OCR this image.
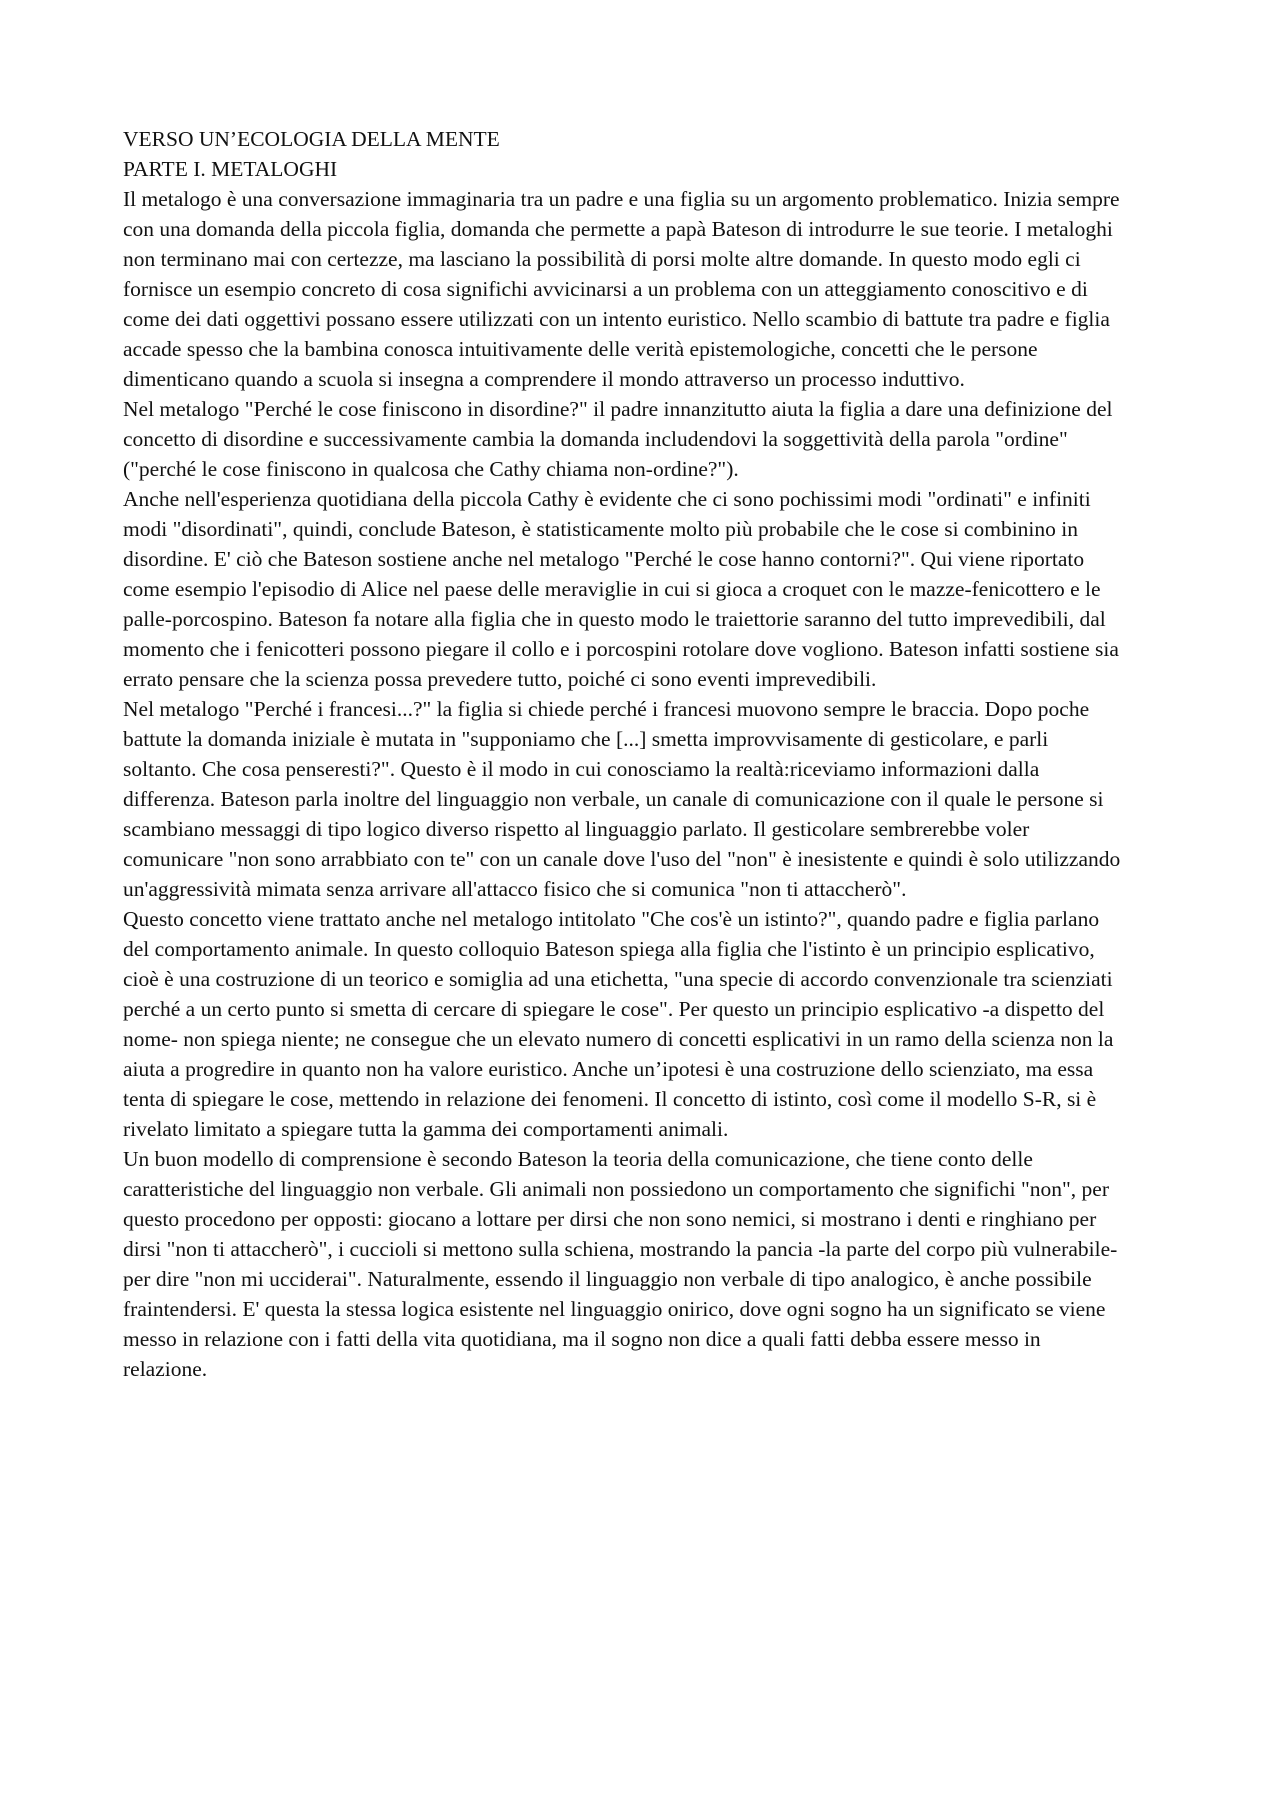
VERSO UN’ECOLOGIA DELLA MENTE
PARTE I. METALOGHI

Il metalogo è una conversazione immaginaria tra un padre e una figlia su un argomento problematico. Inizia sempre con una domanda della piccola figlia, domanda che permette a papà Bateson di introdurre le sue teorie. I metaloghi non terminano mai con certezze, ma lasciano la possibilità di porsi molte altre domande. In questo modo egli ci fornisce un esempio concreto di cosa significhi avvicinarsi a un problema con un atteggiamento conoscitivo e di come dei dati oggettivi possano essere utilizzati con un intento euristico. Nello scambio di battute tra padre e figlia accade spesso che la bambina conosca intuitivamente delle verità epistemologiche, concetti che le persone dimenticano quando a scuola si insegna a comprendere il mondo attraverso un processo induttivo.

Nel metalogo "Perché le cose finiscono in disordine?" il padre innanzitutto aiuta la figlia a dare una definizione del concetto di disordine e successivamente cambia la domanda includendovi la soggettività della parola "ordine" ("perché le cose finiscono in qualcosa che Cathy chiama non-ordine?").

Anche nell'esperienza quotidiana della piccola Cathy è evidente che ci sono pochissimi modi "ordinati" e infiniti modi "disordinati", quindi, conclude Bateson, è statisticamente molto più probabile che le cose si combinino in disordine. E' ciò che Bateson sostiene anche nel metalogo "Perché le cose hanno contorni?". Qui viene riportato come esempio l'episodio di Alice nel paese delle meraviglie in cui si gioca a croquet con le mazze-fenicottero e le palle-porcospino. Bateson fa notare alla figlia che in questo modo le traiettorie saranno del tutto imprevedibili, dal momento che i fenicotteri possono piegare il collo e i porcospini rotolare dove vogliono. Bateson infatti sostiene sia errato pensare che la scienza possa prevedere tutto, poiché ci sono eventi imprevedibili.

Nel metalogo "Perché i francesi...?" la figlia si chiede perché i francesi muovono sempre le braccia. Dopo poche battute la domanda iniziale è mutata in "supponiamo che [...] smetta improvvisamente di gesticolare, e parli soltanto. Che cosa penseresti?". Questo è il modo in cui conosciamo la realtà:riceviamo informazioni dalla differenza. Bateson parla inoltre del linguaggio non verbale, un canale di comunicazione con il quale le persone si scambiano messaggi di tipo logico diverso rispetto al linguaggio parlato. Il gesticolare sembrerebbe voler comunicare "non sono arrabbiato con te" con un canale dove l'uso del "non" è inesistente e quindi è solo utilizzando un'aggressività mimata senza arrivare all'attacco fisico che si comunica "non ti attaccherò".

Questo concetto viene trattato anche nel metalogo intitolato "Che cos'è un istinto?", quando padre e figlia parlano del comportamento animale. In questo colloquio Bateson spiega alla figlia che l'istinto è un principio esplicativo, cioè è una costruzione di un teorico e somiglia ad una etichetta, "una specie di accordo convenzionale tra scienziati perché a un certo punto si smetta di cercare di spiegare le cose". Per questo un principio esplicativo -a dispetto del nome- non spiega niente; ne consegue che un elevato numero di concetti esplicativi in un ramo della scienza non la aiuta a progredire in quanto non ha valore euristico. Anche un’ipotesi è una costruzione dello scienziato, ma essa tenta di spiegare le cose, mettendo in relazione dei fenomeni. Il concetto di istinto, così come il modello S-R, si è rivelato limitato a spiegare tutta la gamma dei comportamenti animali.

Un buon modello di comprensione è secondo Bateson la teoria della comunicazione, che tiene conto delle caratteristiche del linguaggio non verbale. Gli animali non possiedono un comportamento che significhi "non", per questo procedono per opposti: giocano a lottare per dirsi che non sono nemici, si mostrano i denti e ringhiano per dirsi "non ti attaccherò", i cuccioli si mettono sulla schiena, mostrando la pancia -la parte del corpo più vulnerabile- per dire "non mi ucciderai". Naturalmente, essendo il linguaggio non verbale di tipo analogico, è anche possibile fraintendersi. E' questa la stessa logica esistente nel linguaggio onirico, dove ogni sogno ha un significato se viene messo in relazione con i fatti della vita quotidiana, ma il sogno non dice a quali fatti debba essere messo in relazione.
